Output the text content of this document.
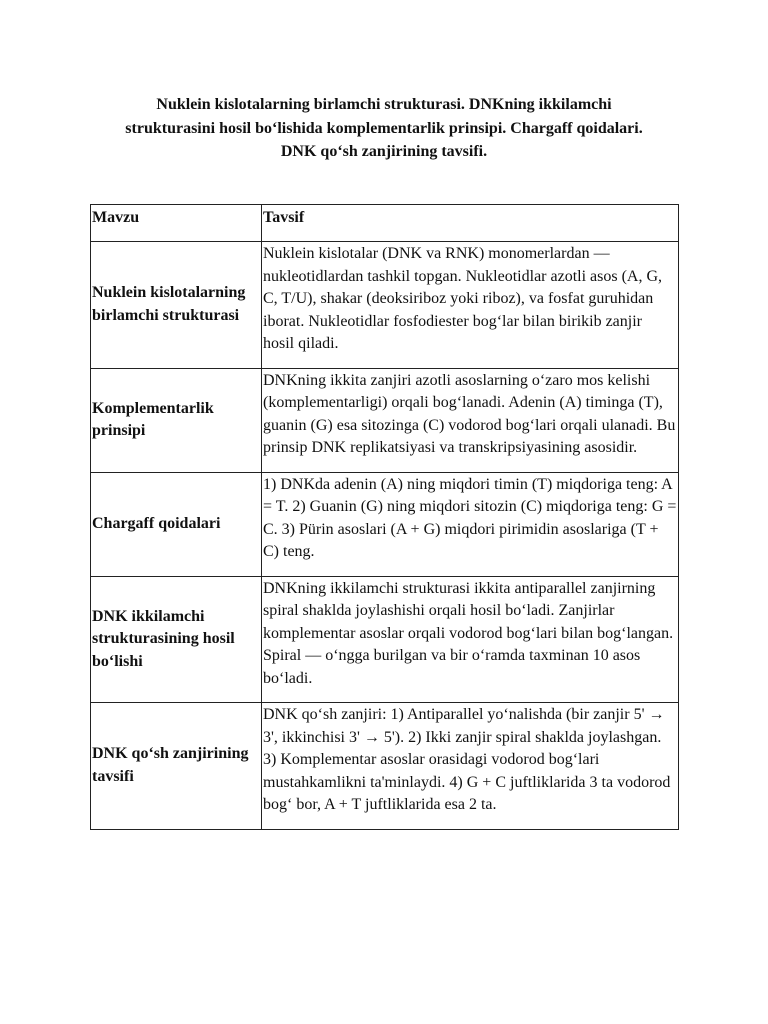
Nuklein kislotalarning birlamchi strukturasi. DNKning ikkilamchi
strukturasini hosil bo‘lishida komplementarlik prinsipi. Chargaff qoidalari.
DNK qo‘sh zanjirining tavsifi.
Mavzu	Tavsif
Nuklein kislotalarning birlamchi strukturasi	Nuklein kislotalar (DNK va RNK) monomerlardan — nukleotidlardan tashkil topgan. Nukleotidlar azotli asos (A, G, C, T/U), shakar (deoksiriboz yoki riboz), va fosfat guruhidan iborat. Nukleotidlar fosfodiester bog‘lar bilan birikib zanjir hosil qiladi.
Komplementarlik prinsipi	DNKning ikkita zanjiri azotli asoslarning o‘zaro mos kelishi (komplementarligi) orqali bog‘lanadi. Adenin (A) timinga (T), guanin (G) esa sitozinga (C) vodorod bog‘lari orqali ulanadi. Bu prinsip DNK replikatsiyasi va transkripsiyasining asosidir.
Chargaff qoidalari	1) DNKda adenin (A) ning miqdori timin (T) miqdoriga teng: A = T. 2) Guanin (G) ning miqdori sitozin (C) miqdoriga teng: G = C. 3) Pürin asoslari (A + G) miqdori pirimidin asoslariga (T + C) teng.
DNK ikkilamchi strukturasining hosil bo‘lishi	DNKning ikkilamchi strukturasi ikkita antiparallel zanjirning spiral shaklda joylashishi orqali hosil bo‘ladi. Zanjirlar komplementar asoslar orqali vodorod bog‘lari bilan bog‘langan. Spiral — o‘ngga burilgan va bir o‘ramda taxminan 10 asos bo‘ladi.
DNK qo‘sh zanjirining tavsifi	DNK qo‘sh zanjiri: 1) Antiparallel yo‘nalishda (bir zanjir 5' → 3', ikkinchisi 3' → 5'). 2) Ikki zanjir spiral shaklda joylashgan. 3) Komplementar asoslar orasidagi vodorod bog‘lari mustahkamlikni ta'minlaydi. 4) G + C juftliklarida 3 ta vodorod bog‘ bor, A + T juftliklarida esa 2 ta.
